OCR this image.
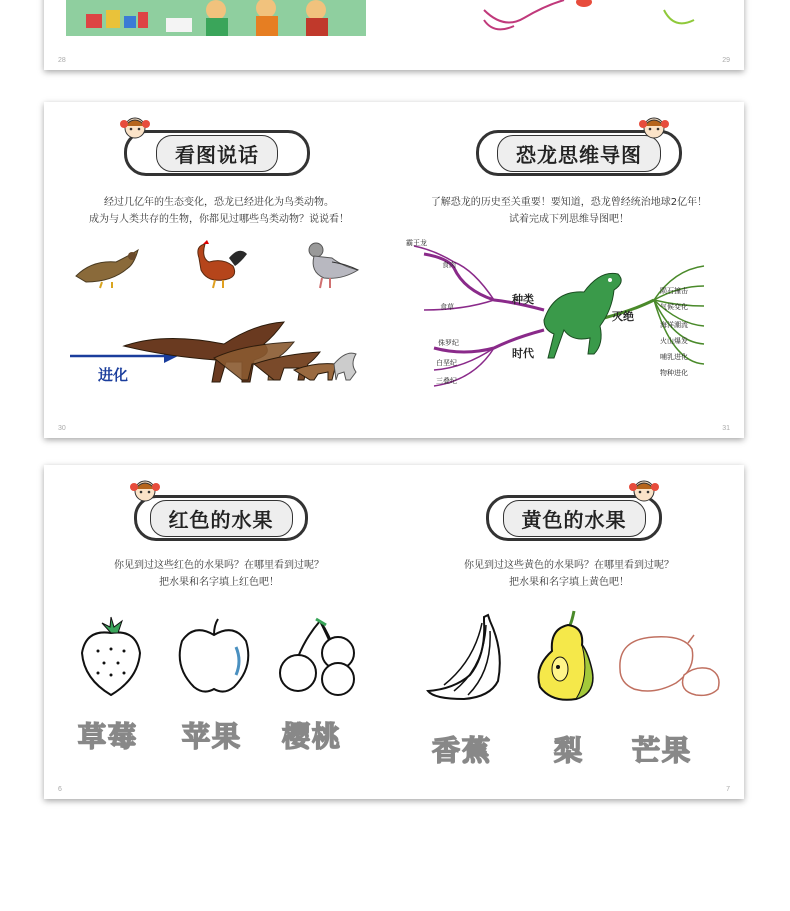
28	29
看图说话
经过几亿年的生态变化，恐龙已经进化为鸟类动物。
成为与人类共存的生物，你都见过哪些鸟类动物？说说看！
进化
30
恐龙思维导图
了解恐龙的历史至关重要！要知道，恐龙曾经统治地球2亿年！
试着完成下列思维导图吧！
种类
时代
灭绝
霸王龙
食肉
食草
侏罗纪
白垩纪
三叠纪
陨石撞击
气候变化
海洋潮流
火山爆发
哺乳进化
物种进化
31
红色的水果
你见到过这些红色的水果吗？在哪里看到过呢？
把水果和名字填上红色吧！
草莓 苹果 樱桃
6
黄色的水果
你见到过这些黄色的水果吗？在哪里看到过呢？
把水果和名字填上黄色吧！
香蕉 梨 芒果
7
